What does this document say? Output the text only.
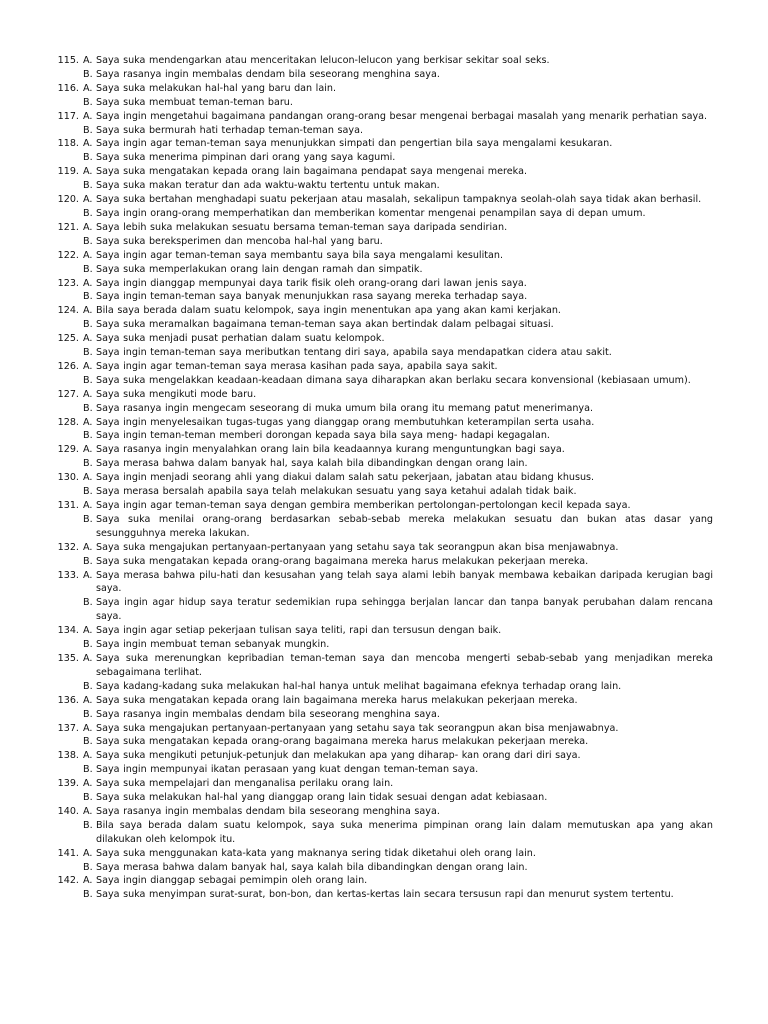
115. A. Saya suka mendengarkan atau menceritakan lelucon-lelucon yang berkisar sekitar soal seks.
B. Saya rasanya ingin membalas dendam bila seseorang menghina saya.
116. A. Saya suka melakukan hal-hal yang baru dan lain.
B. Saya suka membuat teman-teman baru.
117. A. Saya ingin mengetahui bagaimana pandangan orang-orang besar mengenai berbagai masalah yang menarik perhatian saya.
B. Saya suka bermurah hati terhadap teman-teman saya.
118. A. Saya ingin agar teman-teman saya menunjukkan simpati dan pengertian bila saya mengalami kesukaran.
B. Saya suka menerima pimpinan dari orang yang saya kagumi.
119. A. Saya suka mengatakan kepada orang lain bagaimana pendapat saya mengenai mereka.
B. Saya suka makan teratur dan ada waktu-waktu tertentu untuk makan.
120. A. Saya suka bertahan menghadapi suatu pekerjaan atau masalah, sekalipun tampaknya seolah-olah saya tidak akan berhasil.
B. Saya ingin orang-orang memperhatikan dan memberikan komentar mengenai penampilan saya di depan umum.
121. A. Saya lebih suka melakukan sesuatu bersama teman-teman saya daripada sendirian.
B. Saya suka bereksperimen dan mencoba hal-hal yang baru.
122. A. Saya ingin agar teman-teman saya membantu saya bila saya mengalami kesulitan.
B. Saya suka memperlakukan orang lain dengan ramah dan simpatik.
123. A. Saya ingin dianggap mempunyai daya tarik fisik oleh orang-orang dari lawan jenis saya.
B. Saya ingin teman-teman saya banyak menunjukkan rasa sayang mereka terhadap saya.
124. A. Bila saya berada dalam suatu kelompok, saya ingin menentukan apa yang akan kami kerjakan.
B. Saya suka meramalkan bagaimana teman-teman saya akan bertindak dalam pelbagai situasi.
125. A. Saya suka menjadi pusat perhatian dalam suatu kelompok.
B. Saya ingin teman-teman saya meributkan tentang diri saya, apabila saya mendapatkan cidera atau sakit.
126. A. Saya ingin agar teman-teman saya merasa kasihan pada saya, apabila saya sakit.
B. Saya suka mengelakkan keadaan-keadaan dimana saya diharapkan akan berlaku secara konvensional (kebiasaan umum).
127. A. Saya suka mengikuti mode baru.
B. Saya rasanya ingin mengecam seseorang di muka umum bila orang itu memang patut menerimanya.
128. A. Saya ingin menyelesaikan tugas-tugas yang dianggap orang membutuhkan keterampilan serta usaha.
B. Saya ingin teman-teman memberi dorongan kepada saya bila saya meng- hadapi kegagalan.
129. A. Saya rasanya ingin menyalahkan orang lain bila keadaannya kurang menguntungkan bagi saya.
B. Saya merasa bahwa dalam banyak hal, saya kalah bila dibandingkan dengan orang lain.
130. A. Saya ingin menjadi seorang ahli yang diakui dalam salah satu pekerjaan, jabatan atau bidang khusus.
B. Saya merasa bersalah apabila saya telah melakukan sesuatu yang saya ketahui adalah tidak baik.
131. A. Saya ingin agar teman-teman saya dengan gembira memberikan pertolongan-pertolongan kecil kepada saya.
B. Saya suka menilai orang-orang berdasarkan sebab-sebab mereka melakukan sesuatu dan bukan atas dasar yang sesungguhnya mereka lakukan.
132. A. Saya suka mengajukan pertanyaan-pertanyaan yang setahu saya tak seorangpun akan bisa menjawabnya.
B. Saya suka mengatakan kepada orang-orang bagaimana mereka harus melakukan pekerjaan mereka.
133. A. Saya merasa bahwa pilu-hati dan kesusahan yang telah saya alami lebih banyak membawa kebaikan daripada kerugian bagi saya.
B. Saya ingin agar hidup saya teratur sedemikian rupa sehingga berjalan lancar dan tanpa banyak perubahan dalam rencana saya.
134. A. Saya ingin agar setiap pekerjaan tulisan saya teliti, rapi dan tersusun dengan baik.
B. Saya ingin membuat teman sebanyak mungkin.
135. A. Saya suka merenungkan kepribadian teman-teman saya dan mencoba mengerti sebab-sebab yang menjadikan mereka sebagaimana terlihat.
B. Saya kadang-kadang suka melakukan hal-hal hanya untuk melihat bagaimana efeknya terhadap orang lain.
136. A. Saya suka mengatakan kepada orang lain bagaimana mereka harus melakukan pekerjaan mereka.
B. Saya rasanya ingin membalas dendam bila seseorang menghina saya.
137. A. Saya suka mengajukan pertanyaan-pertanyaan yang setahu saya tak seorangpun akan bisa menjawabnya.
B. Saya suka mengatakan kepada orang-orang bagaimana mereka harus melakukan pekerjaan mereka.
138. A. Saya suka mengikuti petunjuk-petunjuk dan melakukan apa yang diharap- kan orang dari diri saya.
B. Saya ingin mempunyai ikatan perasaan yang kuat dengan teman-teman saya.
139. A. Saya suka mempelajari dan menganalisa perilaku orang lain.
B. Saya suka melakukan hal-hal yang dianggap orang lain tidak sesuai dengan adat kebiasaan.
140. A. Saya rasanya ingin membalas dendam bila seseorang menghina saya.
B. Bila saya berada dalam suatu kelompok, saya suka menerima pimpinan orang lain dalam memutuskan apa yang akan dilakukan oleh kelompok itu.
141. A. Saya suka menggunakan kata-kata yang maknanya sering tidak diketahui oleh orang lain.
B. Saya merasa bahwa dalam banyak hal, saya kalah bila dibandingkan dengan orang lain.
142. A. Saya ingin dianggap sebagai pemimpin oleh orang lain.
B. Saya suka menyimpan surat-surat, bon-bon, dan kertas-kertas lain secara tersusun rapi dan menurut system tertentu.
